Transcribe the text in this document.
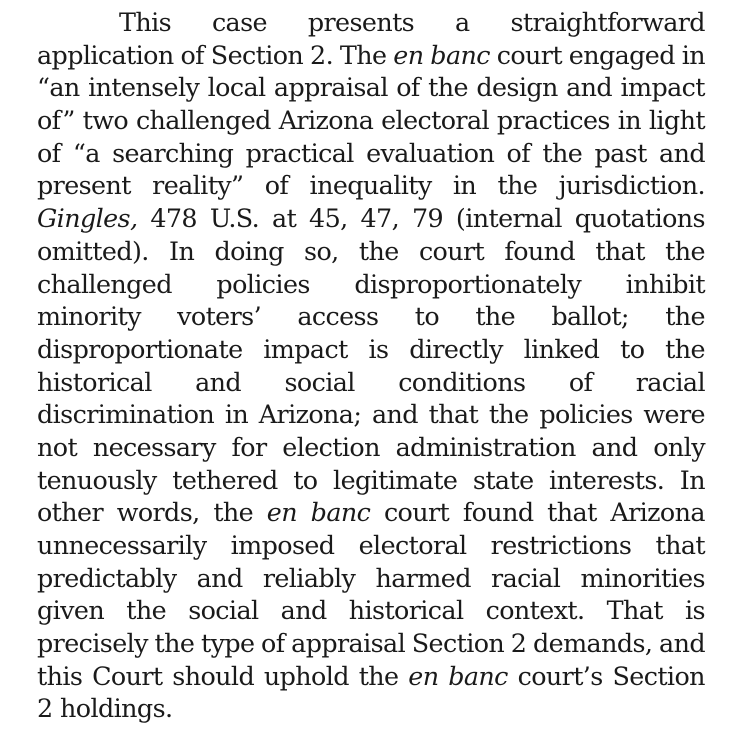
This case presents a straightforward
application of Section 2. The en banc court engaged in
“an intensely local appraisal of the design and impact
of” two challenged Arizona electoral practices in light
of “a searching practical evaluation of the past and
present reality” of inequality in the jurisdiction.
Gingles, 478 U.S. at 45, 47, 79 (internal quotations
omitted). In doing so, the court found that the
challenged policies disproportionately inhibit
minority voters’ access to the ballot; the
disproportionate impact is directly linked to the
historical and social conditions of racial
discrimination in Arizona; and that the policies were
not necessary for election administration and only
tenuously tethered to legitimate state interests. In
other words, the en banc court found that Arizona
unnecessarily imposed electoral restrictions that
predictably and reliably harmed racial minorities
given the social and historical context. That is
precisely the type of appraisal Section 2 demands, and
this Court should uphold the en banc court’s Section
2
holdings.
